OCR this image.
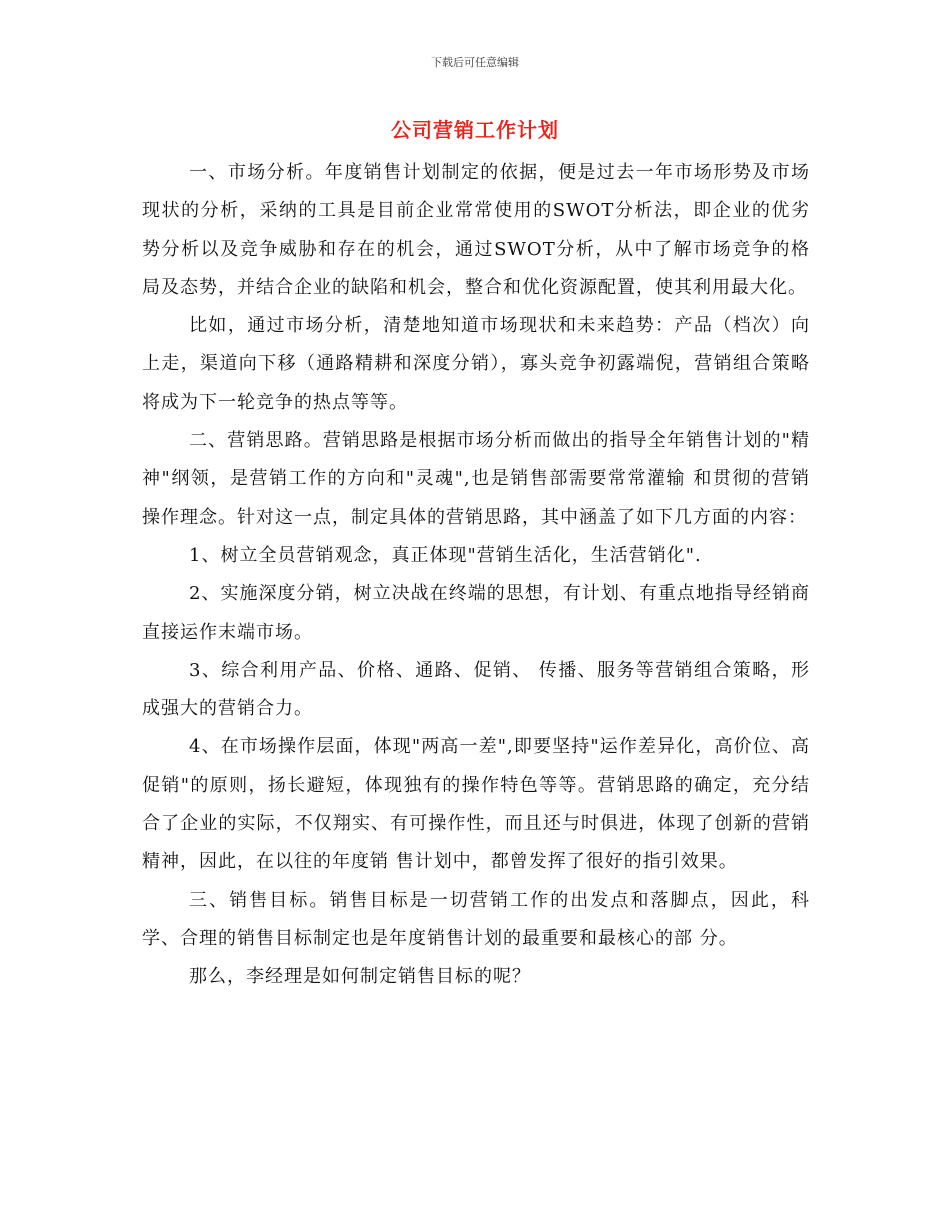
下载后可任意编辑
公司营销工作计划

一、市场分析。年度销售计划制定的依据，便是过去一年市场形势及市场现状的分析，采纳的工具是目前企业常常使用的SWOT分析法，即企业的优劣势分析以及竞争威胁和存在的机会，通过SWOT分析，从中了解市场竞争的格局及态势，并结合企业的缺陷和机会，整合和优化资源配置，使其利用最大化。

比如，通过市场分析，清楚地知道市场现状和未来趋势：产品（档次）向上走，渠道向下移（通路精耕和深度分销），寡头竞争初露端倪，营销组合策略将成为下一轮竞争的热点等等。

二、营销思路。营销思路是根据市场分析而做出的指导全年销售计划的"精神"纲领，是营销工作的方向和"灵魂",也是销售部需要常常灌输 和贯彻的营销操作理念。针对这一点，制定具体的营销思路，其中涵盖了如下几方面的内容：

1、树立全员营销观念，真正体现"营销生活化，生活营销化".

2、实施深度分销，树立决战在终端的思想，有计划、有重点地指导经销商直接运作末端市场。

3、综合利用产品、价格、通路、促销、 传播、服务等营销组合策略，形成强大的营销合力。

4、在市场操作层面，体现"两高一差",即要坚持"运作差异化，高价位、高促销"的原则，扬长避短，体现独有的操作特色等等。营销思路的确定，充分结合了企业的实际，不仅翔实、有可操作性，而且还与时俱进，体现了创新的营销精神，因此，在以往的年度销 售计划中，都曾发挥了很好的指引效果。

三、销售目标。销售目标是一切营销工作的出发点和落脚点，因此，科学、合理的销售目标制定也是年度销售计划的最重要和最核心的部 分。

那么，李经理是如何制定销售目标的呢？
